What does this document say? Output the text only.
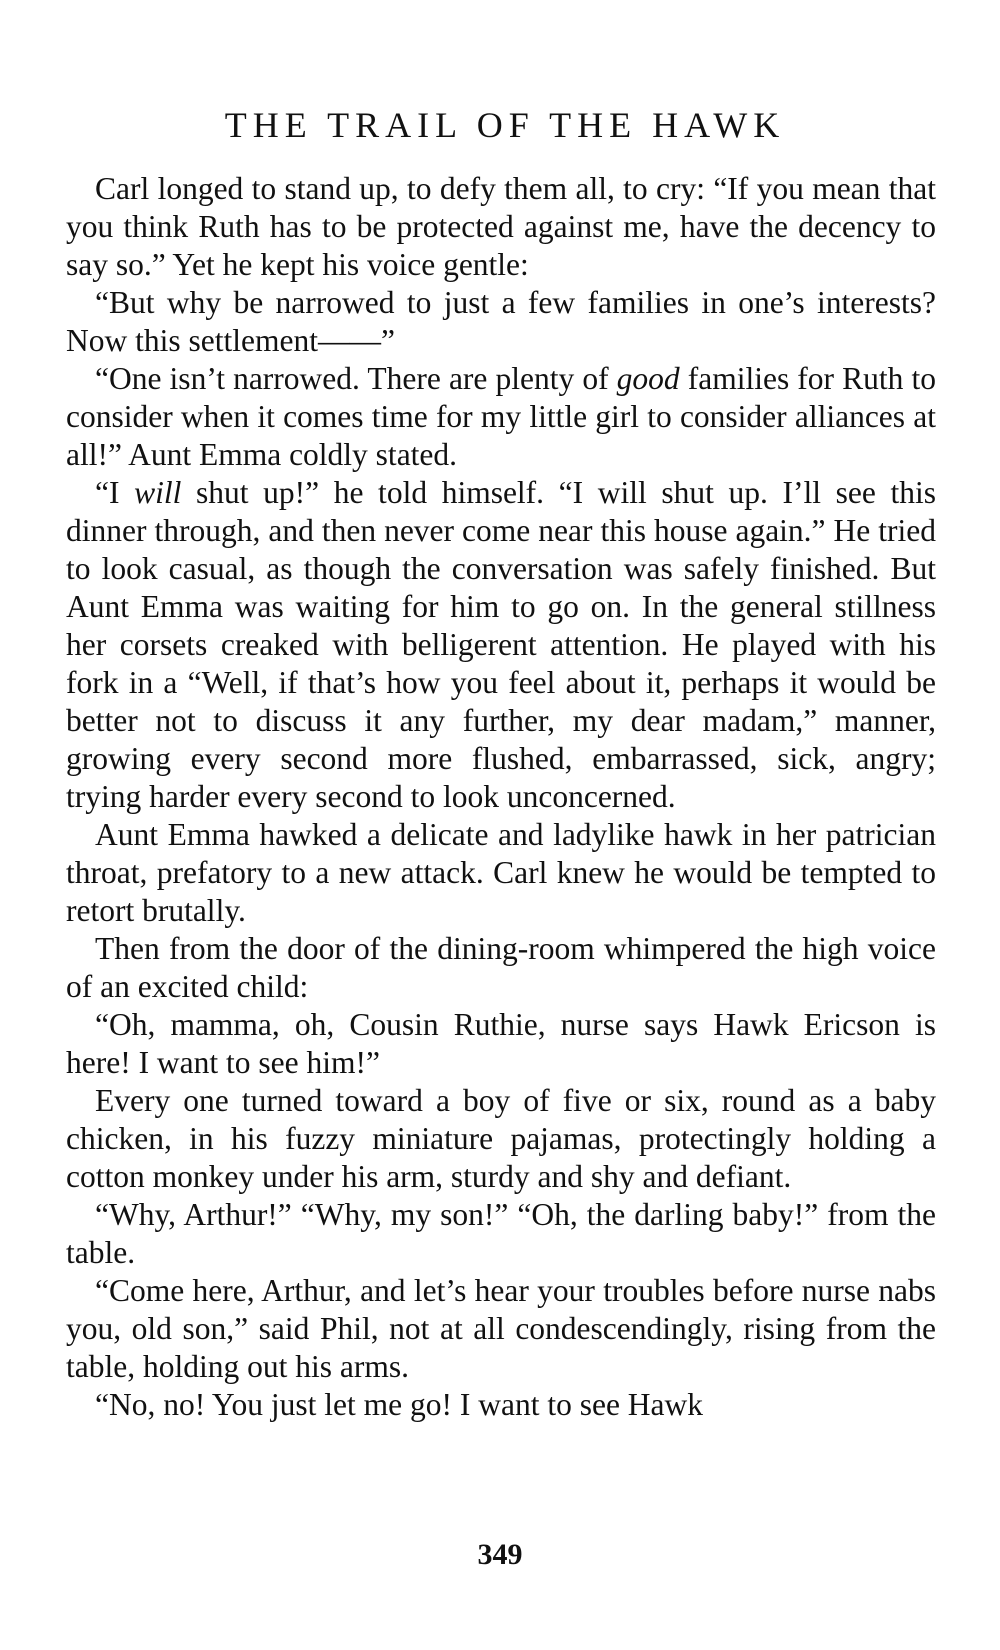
THE TRAIL OF THE HAWK

Carl longed to stand up, to defy them all, to cry: “If you mean that you think Ruth has to be protected against me, have the decency to say so.” Yet he kept his voice gentle:

“But why be narrowed to just a few families in one’s interests? Now this settlement——”

“One isn’t narrowed. There are plenty of good families for Ruth to consider when it comes time for my little girl to consider alliances at all!” Aunt Emma coldly stated.

“I will shut up!” he told himself. “I will shut up. I’ll see this dinner through, and then never come near this house again.” He tried to look casual, as though the conversation was safely finished. But Aunt Emma was waiting for him to go on. In the general stillness her corsets creaked with belligerent attention. He played with his fork in a “Well, if that’s how you feel about it, perhaps it would be better not to discuss it any further, my dear madam,” manner, growing every second more flushed, embarrassed, sick, angry; trying harder every second to look unconcerned.

Aunt Emma hawked a delicate and ladylike hawk in her patrician throat, prefatory to a new attack. Carl knew he would be tempted to retort brutally.

Then from the door of the dining-room whimpered the high voice of an excited child:

“Oh, mamma, oh, Cousin Ruthie, nurse says Hawk Ericson is here! I want to see him!”

Every one turned toward a boy of five or six, round as a baby chicken, in his fuzzy miniature pajamas, protectingly holding a cotton monkey under his arm, sturdy and shy and defiant.

“Why, Arthur!” “Why, my son!” “Oh, the darling baby!” from the table.

“Come here, Arthur, and let’s hear your troubles before nurse nabs you, old son,” said Phil, not at all condescendingly, rising from the table, holding out his arms.

“No, no! You just let me go! I want to see Hawk

349
